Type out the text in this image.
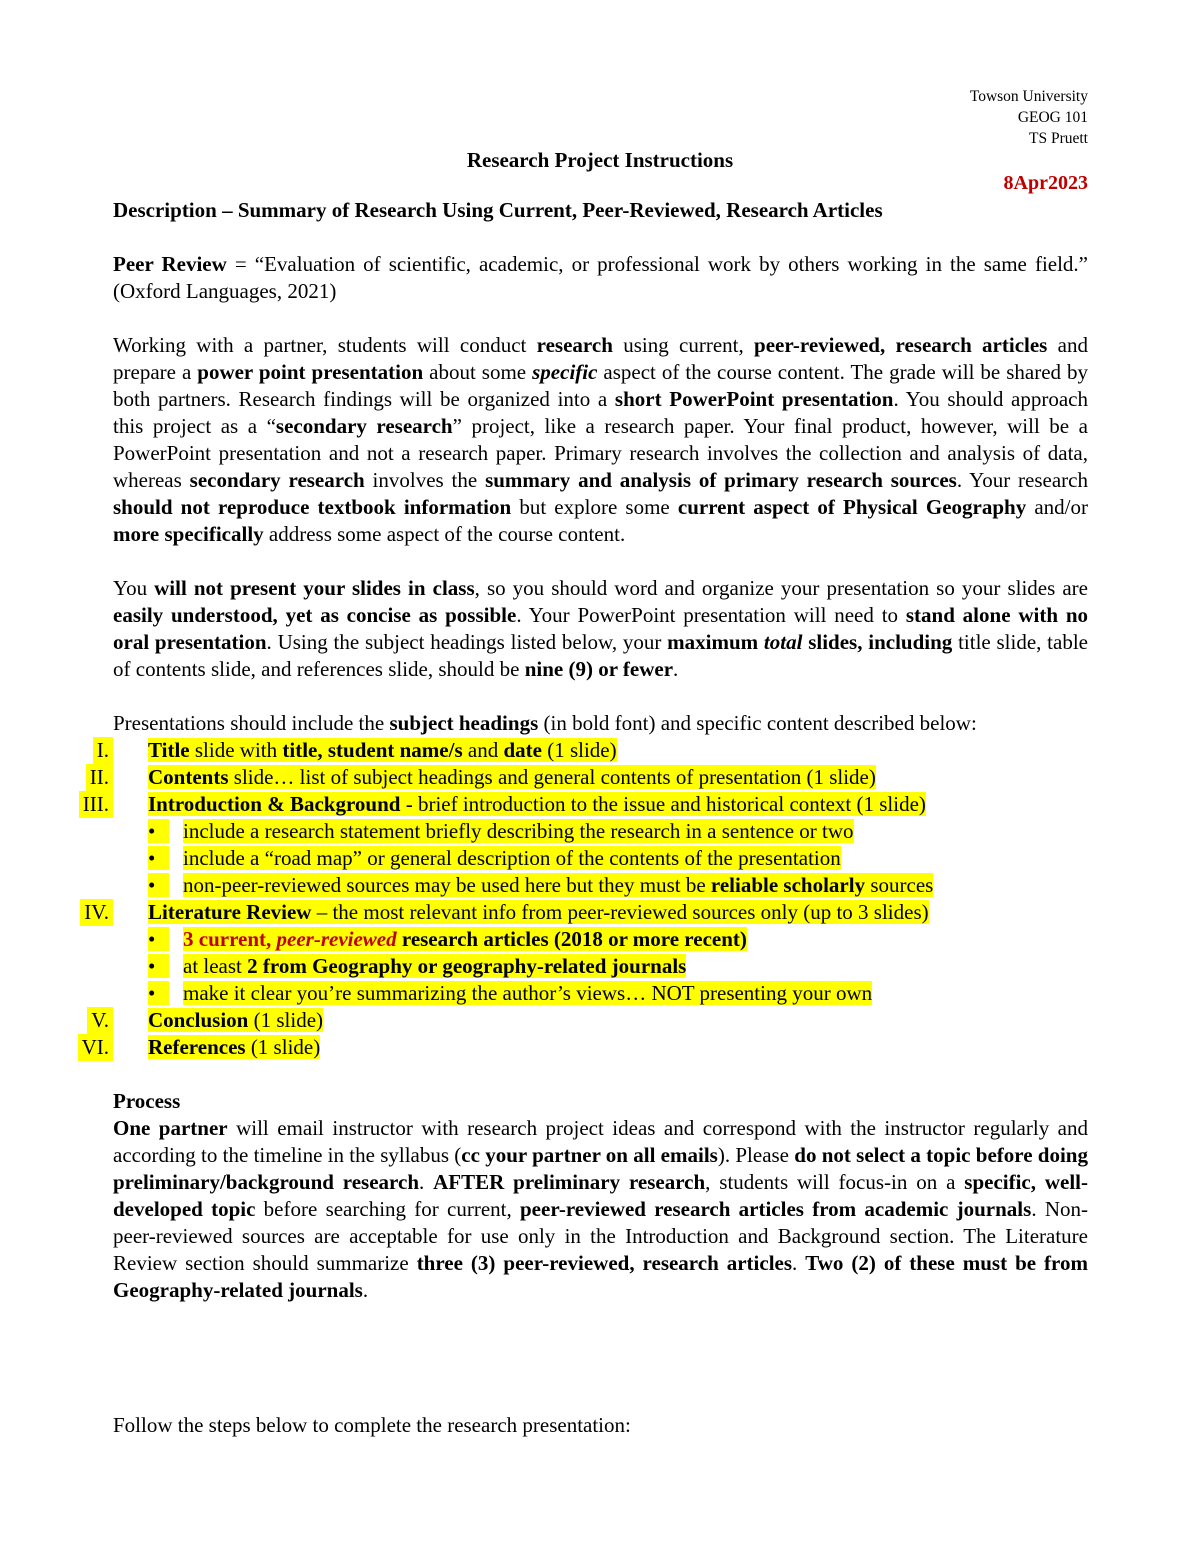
Towson University
GEOG 101
TS Pruett
Research Project Instructions
8Apr2023

Description – Summary of Research Using Current, Peer-Reviewed, Research Articles

Peer Review = “Evaluation of scientific, academic, or professional work by others working in the same field.” (Oxford Languages, 2021)

Working with a partner, students will conduct research using current, peer-reviewed, research articles and prepare a power point presentation about some specific aspect of the course content. The grade will be shared by both partners. Research findings will be organized into a short PowerPoint presentation. You should approach this project as a “secondary research” project, like a research paper. Your final product, however, will be a PowerPoint presentation and not a research paper. Primary research involves the collection and analysis of data, whereas secondary research involves the summary and analysis of primary research sources. Your research should not reproduce textbook information but explore some current aspect of Physical Geography and/or more specifically address some aspect of the course content.

You will not present your slides in class, so you should word and organize your presentation so your slides are easily understood, yet as concise as possible. Your PowerPoint presentation will need to stand alone with no oral presentation. Using the subject headings listed below, your maximum total slides, including title slide, table of contents slide, and references slide, should be nine (9) or fewer.

Presentations should include the subject headings (in bold font) and specific content described below:

I. Title slide with title, student name/s and date (1 slide)
II. Contents slide… list of subject headings and general contents of presentation (1 slide)
III. Introduction & Background - brief introduction to the issue and historical context (1 slide)
•	include a research statement briefly describing the research in a sentence or two
•	include a “road map” or general description of the contents of the presentation
•	non-peer-reviewed sources may be used here but they must be reliable scholarly sources
IV. Literature Review – the most relevant info from peer-reviewed sources only (up to 3 slides)
•	3 current, peer-reviewed research articles (2018 or more recent)
•	at least 2 from Geography or geography-related journals
•	make it clear you’re summarizing the author’s views… NOT presenting your own
V. Conclusion (1 slide)
VI. References (1 slide)

Process

One partner will email instructor with research project ideas and correspond with the instructor regularly and according to the timeline in the syllabus (cc your partner on all emails). Please do not select a topic before doing preliminary/background research. AFTER preliminary research, students will focus-in on a specific, well-developed topic before searching for current, peer-reviewed research articles from academic journals. Non-peer-reviewed sources are acceptable for use only in the Introduction and Background section. The Literature Review section should summarize three (3) peer-reviewed, research articles. Two (2) of these must be from Geography-related journals.

Follow the steps below to complete the research presentation:
